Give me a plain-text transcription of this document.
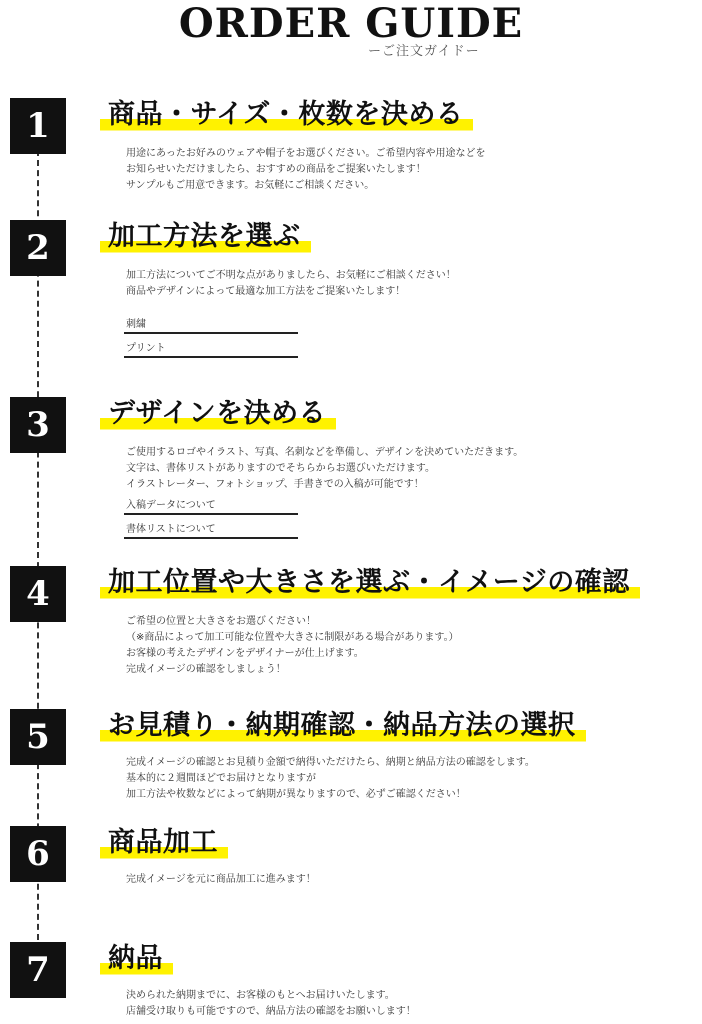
ORDER GUIDE
ーご注文ガイドー
1	商品・サイズ・枚数を決める
用途にあったお好みのウェアや帽子をお選びください。ご希望内容や用途などを
お知らせいただけましたら、おすすめの商品をご提案いたします！
サンプルもご用意できます。お気軽にご相談ください。
2	加工方法を選ぶ
加工方法についてご不明な点がありましたら、お気軽にご相談ください！
商品やデザインによって最適な加工方法をご提案いたします！
刺繍
プリント
3	デザインを決める
ご使用するロゴやイラスト、写真、名刺などを準備し、デザインを決めていただきます。
文字は、書体リストがありますのでそちらからお選びいただけます。
イラストレーター、フォトショップ、手書きでの入稿が可能です！
入稿データについて
書体リストについて
4	加工位置や大きさを選ぶ・イメージの確認
ご希望の位置と大きさをお選びください！
（※商品によって加工可能な位置や大きさに制限がある場合があります。）
お客様の考えたデザインをデザイナーが仕上げます。
完成イメージの確認をしましょう！
5	お見積り・納期確認・納品方法の選択
完成イメージの確認とお見積り金額で納得いただけたら、納期と納品方法の確認をします。
基本的に２週間ほどでお届けとなりますが
加工方法や枚数などによって納期が異なりますので、必ずご確認ください！
6	商品加工
完成イメージを元に商品加工に進みます！
7	納品
決められた納期までに、お客様のもとへお届けいたします。
店舗受け取りも可能ですので、納品方法の確認をお願いします！
